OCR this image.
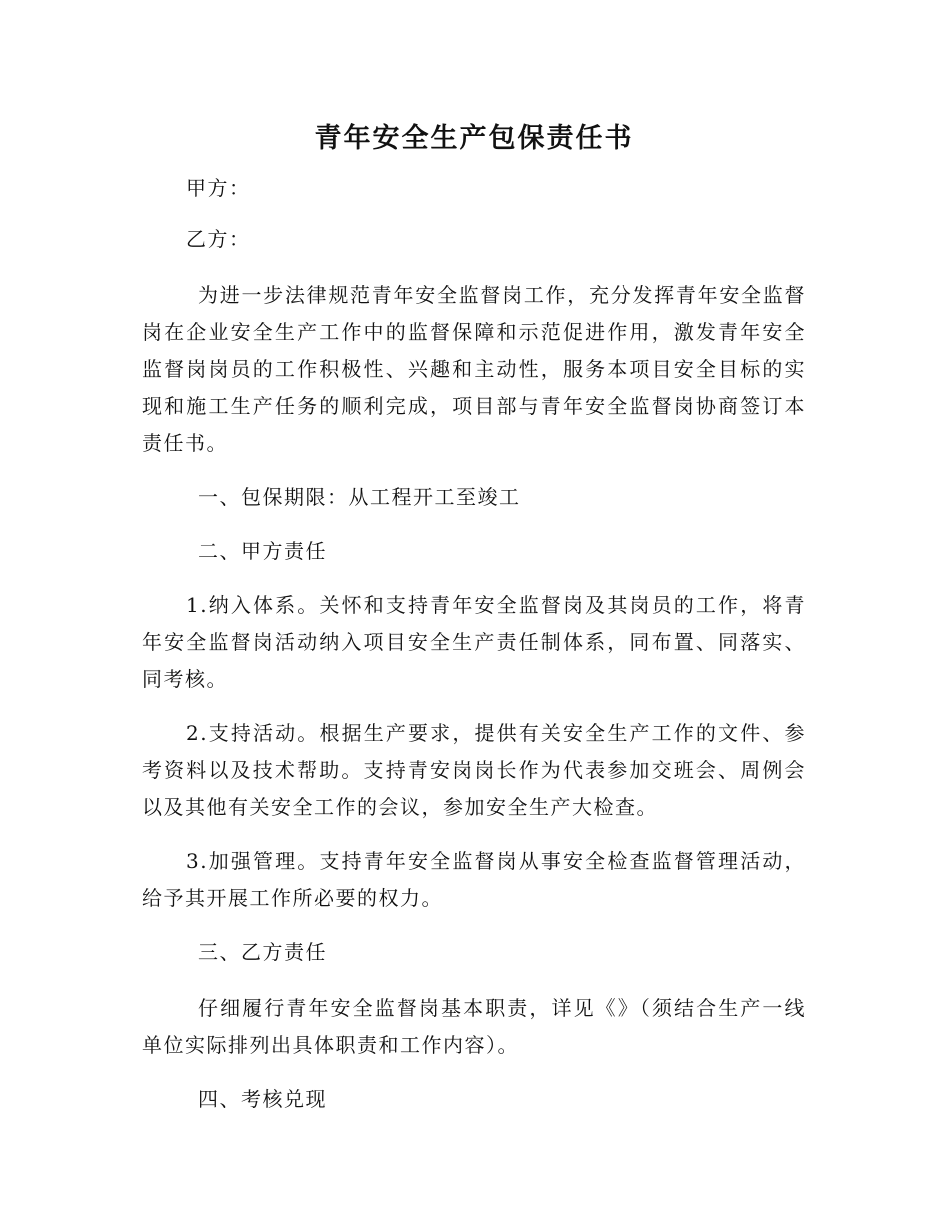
青年安全生产包保责任书

甲方：

乙方：

为进一步法律规范青年安全监督岗工作，充分发挥青年安全监督岗在企业安全生产工作中的监督保障和示范促进作用，激发青年安全监督岗岗员的工作积极性、兴趣和主动性，服务本项目安全目标的实现和施工生产任务的顺利完成，项目部与青年安全监督岗协商签订本责任书。

一、包保期限：从工程开工至竣工

二、甲方责任

1.纳入体系。关怀和支持青年安全监督岗及其岗员的工作，将青年安全监督岗活动纳入项目安全生产责任制体系，同布置、同落实、同考核。

2.支持活动。根据生产要求，提供有关安全生产工作的文件、参考资料以及技术帮助。支持青安岗岗长作为代表参加交班会、周例会以及其他有关安全工作的会议，参加安全生产大检查。

3.加强管理。支持青年安全监督岗从事安全检查监督管理活动，给予其开展工作所必要的权力。

三、乙方责任

仔细履行青年安全监督岗基本职责，详见《》（须结合生产一线单位实际排列出具体职责和工作内容）。

四、考核兑现
